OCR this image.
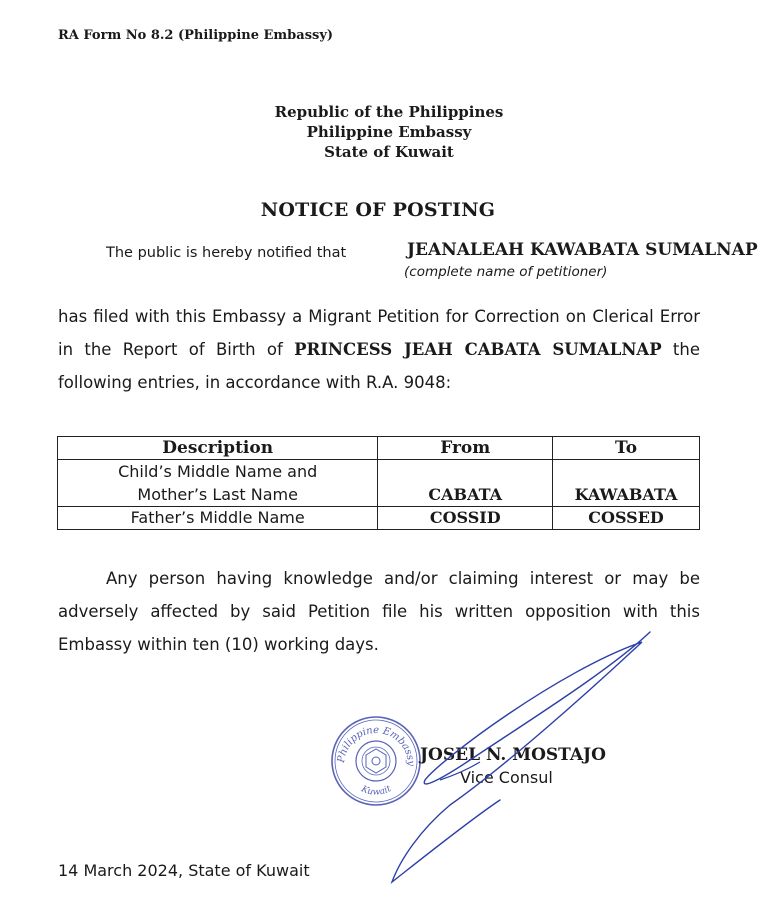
RA Form No 8.2 (Philippine Embassy)
Republic of the Philippines
Philippine Embassy
State of Kuwait
NOTICE OF POSTING
The public is hereby notified that	JEANALEAH KAWABATA SUMALNAP
(complete name of petitioner)
has filed with this Embassy a Migrant Petition for Correction on Clerical Error in the Report of Birth of PRINCESS JEAH CABATA SUMALNAP the following entries, in accordance with R.A. 9048:
Description	From	To

Child’s Middle Name and
Mother’s Last Name	CABATA	KAWABATA
Father’s Middle Name	COSSID	COSSED
Any person having knowledge and/or claiming interest or may be adversely affected by said Petition file his written opposition with this Embassy within ten (10) working days.
Philippine Embassy
Kuwait
JOSEL N. MOSTAJO
Vice Consul
14 March 2024, State of Kuwait
